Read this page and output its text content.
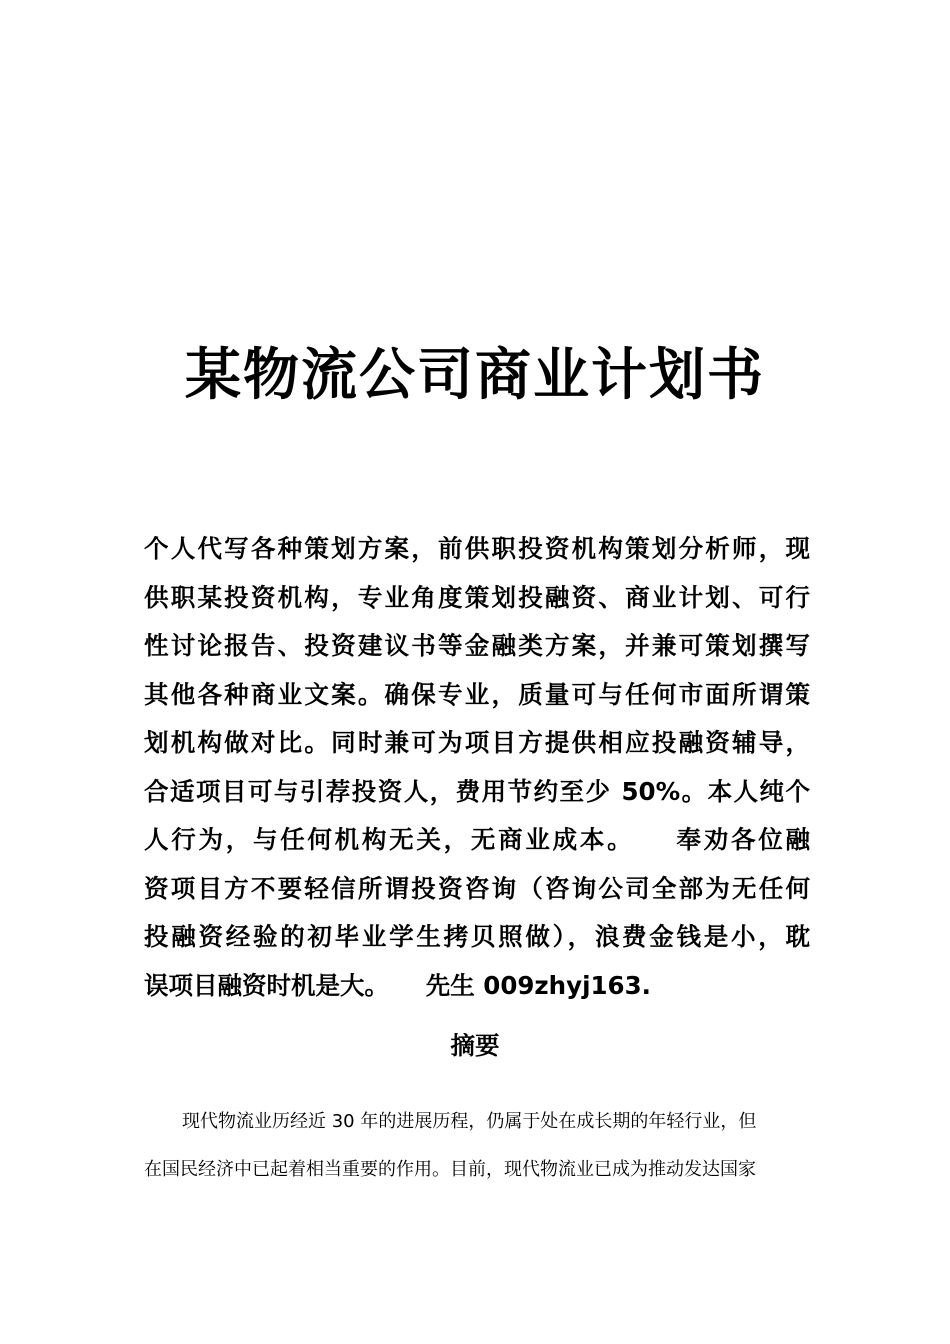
某物流公司商业计划书
个人代写各种策划方案，前供职投资机构策划分析师，现
供职某投资机构，专业角度策划投融资、商业计划、可行
性讨论报告、投资建议书等金融类方案，并兼可策划撰写
其他各种商业文案。确保专业，质量可与任何市面所谓策
划机构做对比。同时兼可为项目方提供相应投融资辅导，
合适项目可与引荐投资人，费用节约至少 50%。本人纯个
人行为，与任何机构无关，无商业成本。　　奉劝各位融
资项目方不要轻信所谓投资咨询（咨询公司全部为无任何
投融资经验的初毕业学生拷贝照做），浪费金钱是小，耽
误项目融资时机是大。　　先生 009zhyj163.
摘要
现代物流业历经近 30 年的进展历程，仍属于处在成长期的年轻行业，但
在国民经济中已起着相当重要的作用。目前，现代物流业已成为推动发达国家
